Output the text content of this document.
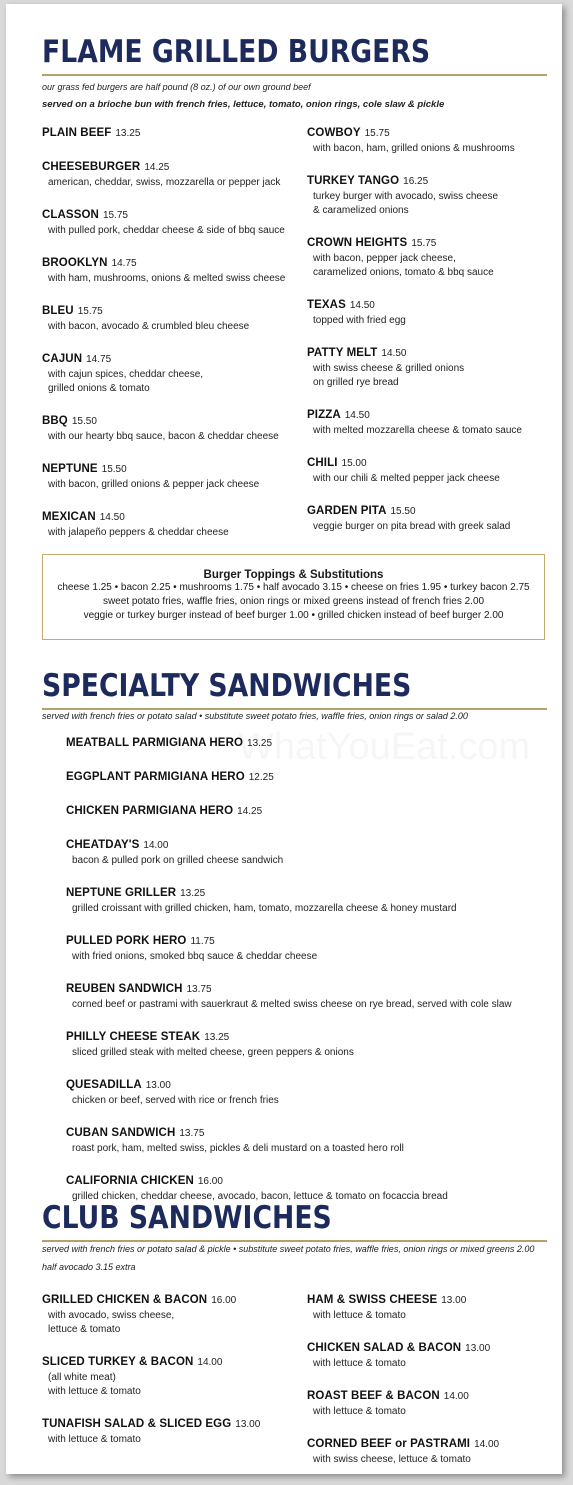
FLAME GRILLED BURGERS
our grass fed burgers are half pound (8 oz.) of our own ground beef
served on a brioche bun with french fries, lettuce, tomato, onion rings, cole slaw & pickle
PLAIN BEEF 13.25
CHEESEBURGER 14.25
american, cheddar, swiss, mozzarella or pepper jack
CLASSON 15.75
with pulled pork, cheddar cheese & side of bbq sauce
BROOKLYN 14.75
with ham, mushrooms, onions & melted swiss cheese
BLEU 15.75
with bacon, avocado & crumbled bleu cheese
CAJUN 14.75
with cajun spices, cheddar cheese,
grilled onions & tomato
BBQ 15.50
with our hearty bbq sauce, bacon & cheddar cheese
NEPTUNE 15.50
with bacon, grilled onions & pepper jack cheese
MEXICAN 14.50
with jalapeño peppers & cheddar cheese
COWBOY 15.75
with bacon, ham, grilled onions & mushrooms
TURKEY TANGO 16.25
turkey burger with avocado, swiss cheese
& caramelized onions
CROWN HEIGHTS 15.75
with bacon, pepper jack cheese,
caramelized onions, tomato & bbq sauce
TEXAS 14.50
topped with fried egg
PATTY MELT 14.50
with swiss cheese & grilled onions
on grilled rye bread
PIZZA 14.50
with melted mozzarella cheese & tomato sauce
CHILI 15.00
with our chili & melted pepper jack cheese
GARDEN PITA 15.50
veggie burger on pita bread with greek salad
Burger Toppings & Substitutions
cheese 1.25 • bacon 2.25 • mushrooms 1.75 • half avocado 3.15 • cheese on fries 1.95 • turkey bacon 2.75
sweet potato fries, waffle fries, onion rings or mixed greens instead of french fries 2.00
veggie or turkey burger instead of beef burger 1.00 • grilled chicken instead of beef burger 2.00
SPECIALTY SANDWICHES
served with french fries or potato salad • substitute sweet potato fries, waffle fries, onion rings or salad 2.00
MEATBALL PARMIGIANA HERO 13.25
EGGPLANT PARMIGIANA HERO 12.25
CHICKEN PARMIGIANA HERO 14.25
CHEATDAY'S 14.00
bacon & pulled pork on grilled cheese sandwich
NEPTUNE GRILLER 13.25
grilled croissant with grilled chicken, ham, tomato, mozzarella cheese & honey mustard
PULLED PORK HERO 11.75
with fried onions, smoked bbq sauce & cheddar cheese
REUBEN SANDWICH 13.75
corned beef or pastrami with sauerkraut & melted swiss cheese on rye bread, served with cole slaw
PHILLY CHEESE STEAK 13.25
sliced grilled steak with melted cheese, green peppers & onions
QUESADILLA 13.00
chicken or beef, served with rice or french fries
CUBAN SANDWICH 13.75
roast pork, ham, melted swiss, pickles & deli mustard on a toasted hero roll
CALIFORNIA CHICKEN 16.00
grilled chicken, cheddar cheese, avocado, bacon, lettuce & tomato on focaccia bread
CLUB SANDWICHES
served with french fries or potato salad & pickle • substitute sweet potato fries, waffle fries, onion rings or mixed greens 2.00
half avocado 3.15 extra
GRILLED CHICKEN & BACON 16.00
with avocado, swiss cheese,
lettuce & tomato
SLICED TURKEY & BACON 14.00
(all white meat)
with lettuce & tomato
TUNAFISH SALAD & SLICED EGG 13.00
with lettuce & tomato
HAM & SWISS CHEESE 13.00
with lettuce & tomato
CHICKEN SALAD & BACON 13.00
with lettuce & tomato
ROAST BEEF & BACON 14.00
with lettuce & tomato
CORNED BEEF or PASTRAMI 14.00
with swiss cheese, lettuce & tomato
